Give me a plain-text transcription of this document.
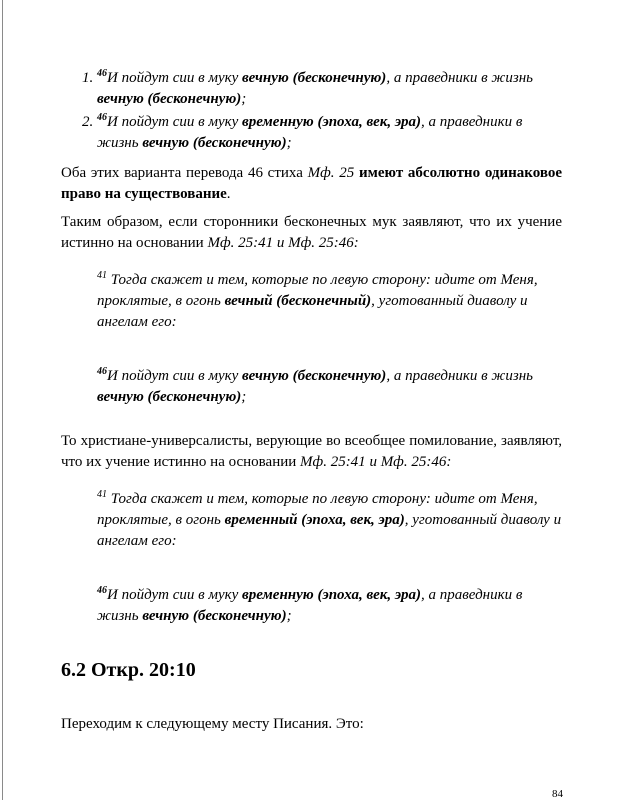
1. $^{46}$И пойдут сии в муку вечную (бесконечную), а праведники в жизнь вечную (бесконечную);
2. $^{46}$И пойдут сии в муку временную (эпоха, век, эра), а праведники в жизнь вечную (бесконечную);

Оба этих варианта перевода 46 стиха Мф. 25 имеют абсолютно одинаковое право на существование.

Таким образом, если сторонники бесконечных мук заявляют, что их учение истинно на основании Мф. 25:41 и Мф. 25:46:

$^{41}$ Тогда скажет и тем, которые по левую сторону: идите от Меня, проклятые, в огонь вечный (бесконечный), уготованный диаволу и ангелам его:

$^{46}$И пойдут сии в муку вечную (бесконечную), а праведники в жизнь вечную (бесконечную);

То христиане-универсалисты, верующие во всеобщее помилование, заявляют, что их учение истинно на основании Мф. 25:41 и Мф. 25:46:

$^{41}$ Тогда скажет и тем, которые по левую сторону: идите от Меня, проклятые, в огонь временный (эпоха, век, эра), уготованный диаволу и ангелам его:

$^{46}$И пойдут сии в муку временную (эпоха, век, эра), а праведники в жизнь вечную (бесконечную);

6.2 Откр. 20:10

Переходим к следующему месту Писания. Это:

84
